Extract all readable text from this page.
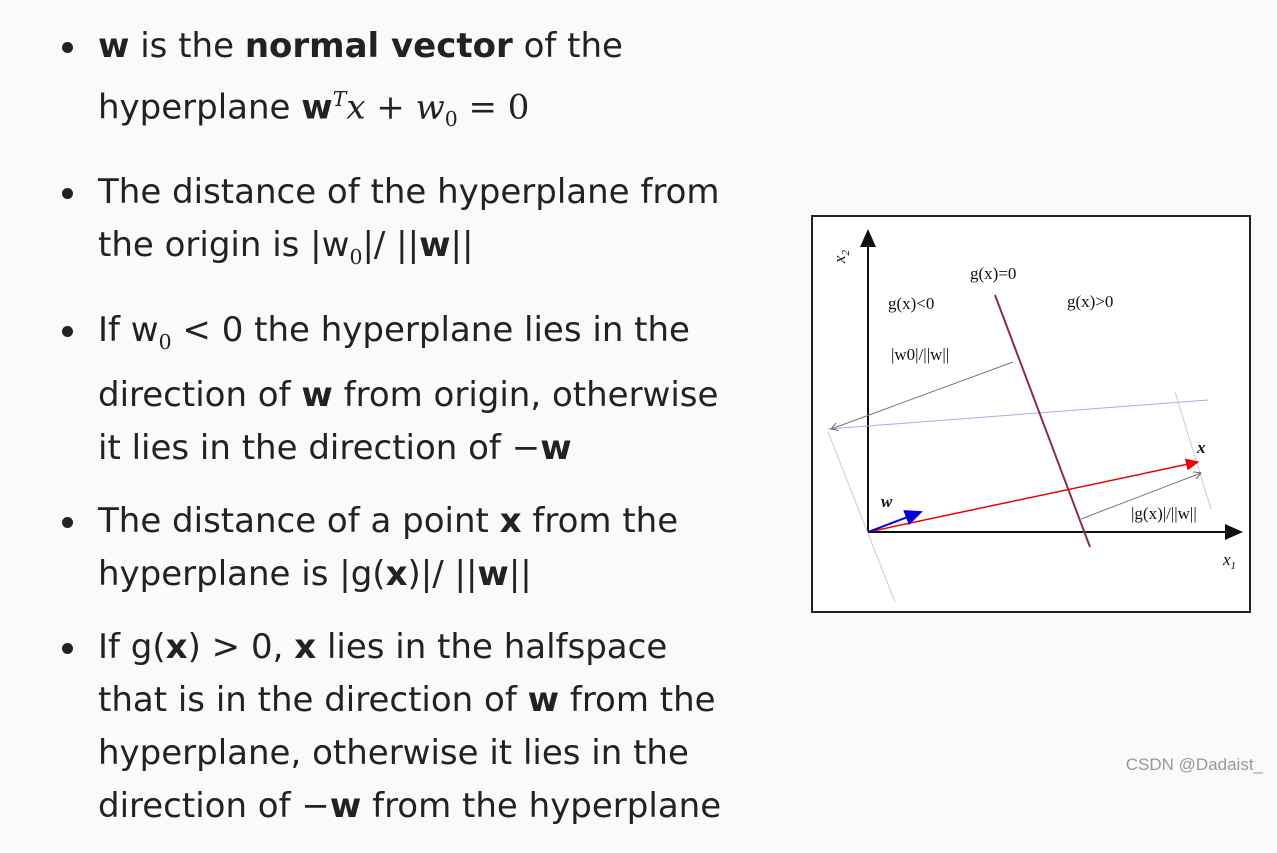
w is the normal vector of the hyperplane $w^Tx + w_0 = 0$
The distance of the hyperplane from the origin is $|w_0|/$ ||w||
If $w_0 < 0$ the hyperplane lies in the direction of w from origin, otherwise it lies in the direction of −w
The distance of a point x from the hyperplane is |g(x)|/ ||w||
If g(x) > 0, x lies in the halfspace that is in the direction of w from the hyperplane, otherwise it lies in the direction of −w from the hyperplane
$x_2$
$x_1$
g(x)=0
g(x)<0	g(x)>0
|w0|/||w||
|g(x)|/||w||
w
x
CSDN @Dadaist_
